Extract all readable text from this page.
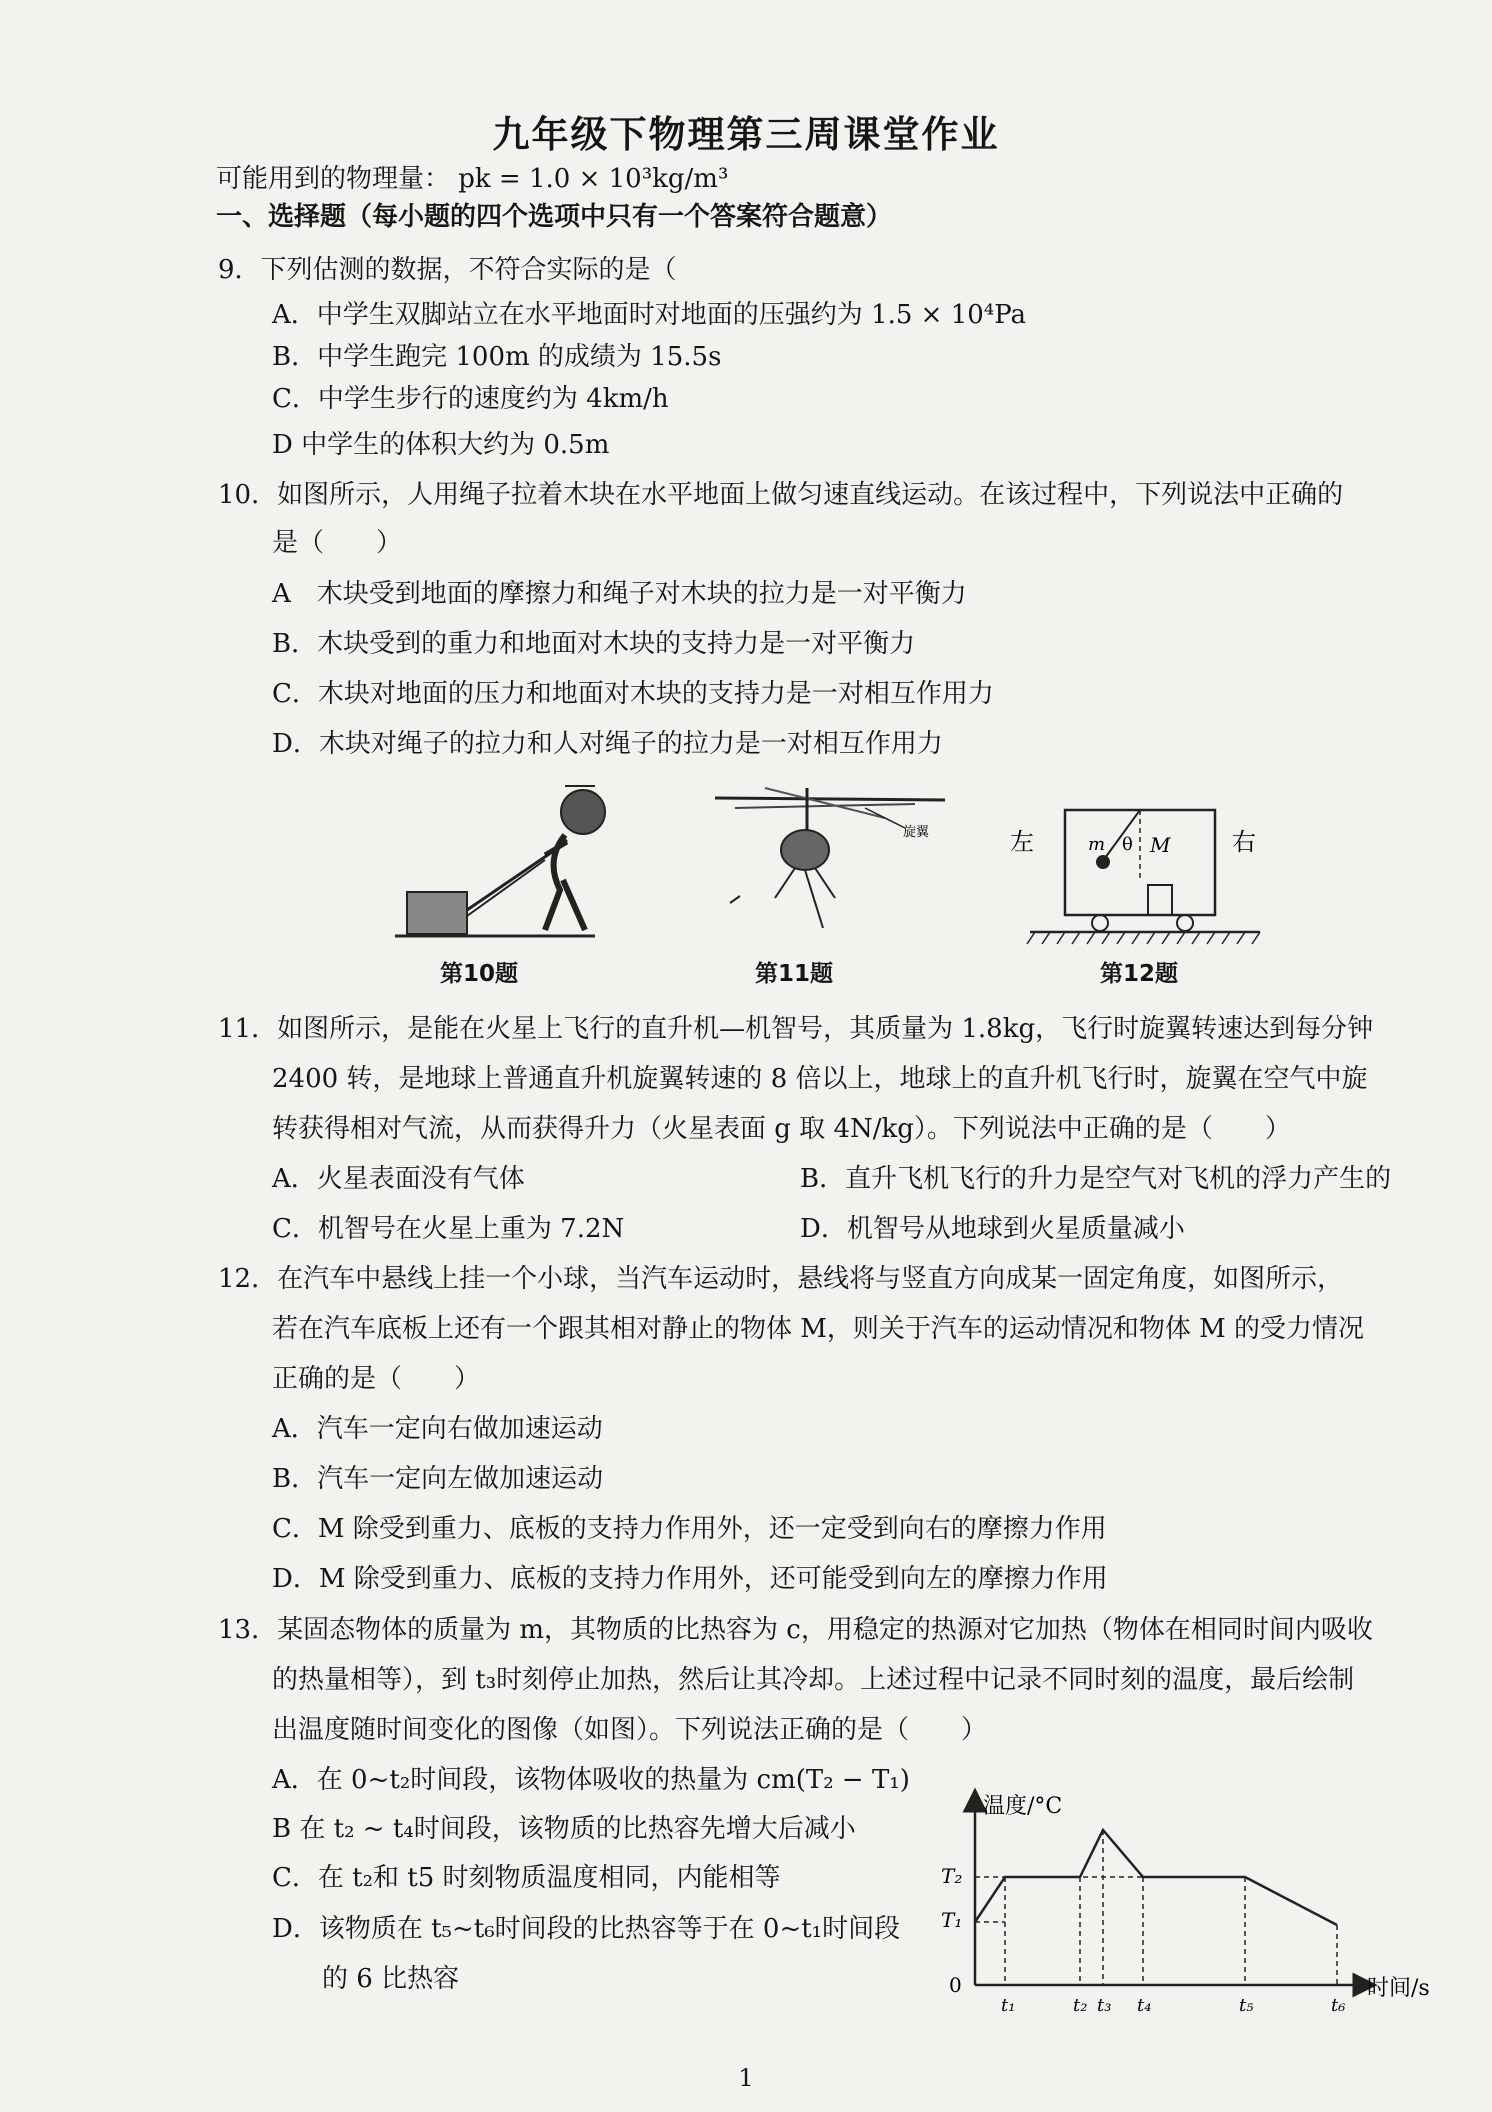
九年级下物理第三周课堂作业
可能用到的物理量： pk = 1.0 × 10³kg/m³
一、选择题（每小题的四个选项中只有一个答案符合题意）
9．下列估测的数据，不符合实际的是（
A．中学生双脚站立在水平地面时对地面的压强约为 1.5 × 10⁴Pa
B．中学生跑完 100m 的成绩为 15.5s
C．中学生步行的速度约为 4km/h
D 中学生的体积大约为 0.5m
10．如图所示，人用绳子拉着木块在水平地面上做匀速直线运动。在该过程中，下列说法中正确的
是（　　）
A　木块受到地面的摩擦力和绳子对木块的拉力是一对平衡力
B．木块受到的重力和地面对木块的支持力是一对平衡力
C．木块对地面的压力和地面对木块的支持力是一对相互作用力
D．木块对绳子的拉力和人对绳子的拉力是一对相互作用力
第10题
旋翼
第11题
左	右
m θ M
第12题
11．如图所示，是能在火星上飞行的直升机—机智号，其质量为 1.8kg，飞行时旋翼转速达到每分钟
2400 转，是地球上普通直升机旋翼转速的 8 倍以上，地球上的直升机飞行时，旋翼在空气中旋
转获得相对气流，从而获得升力（火星表面 g 取 4N/kg）。下列说法中正确的是（　　）
A．火星表面没有气体	B．直升飞机飞行的升力是空气对飞机的浮力产生的
C．机智号在火星上重为 7.2N	D．机智号从地球到火星质量减小
12．在汽车中悬线上挂一个小球，当汽车运动时，悬线将与竖直方向成某一固定角度，如图所示，
若在汽车底板上还有一个跟其相对静止的物体 M，则关于汽车的运动情况和物体 M 的受力情况
正确的是（　　）
A．汽车一定向右做加速运动
B．汽车一定向左做加速运动
C．M 除受到重力、底板的支持力作用外，还一定受到向右的摩擦力作用
D．M 除受到重力、底板的支持力作用外，还可能受到向左的摩擦力作用
13．某固态物体的质量为 m，其物质的比热容为 c，用稳定的热源对它加热（物体在相同时间内吸收
的热量相等），到 t₃时刻停止加热，然后让其冷却。上述过程中记录不同时刻的温度，最后绘制
出温度随时间变化的图像（如图）。下列说法正确的是（　　）
A．在 0~t₂时间段，该物体吸收的热量为 cm(T₂ − T₁)
B 在 t₂ ~ t₄时间段，该物质的比热容先增大后减小
C．在 t₂和 t5 时刻物质温度相同，内能相等
D．该物质在 t₅~t₆时间段的比热容等于在 0~t₁时间段
的 6 比热容
温度/°C
时间/s
T₂
T₁
0
t₁	t₂ t₃ t₄	t₅	t₆
1
